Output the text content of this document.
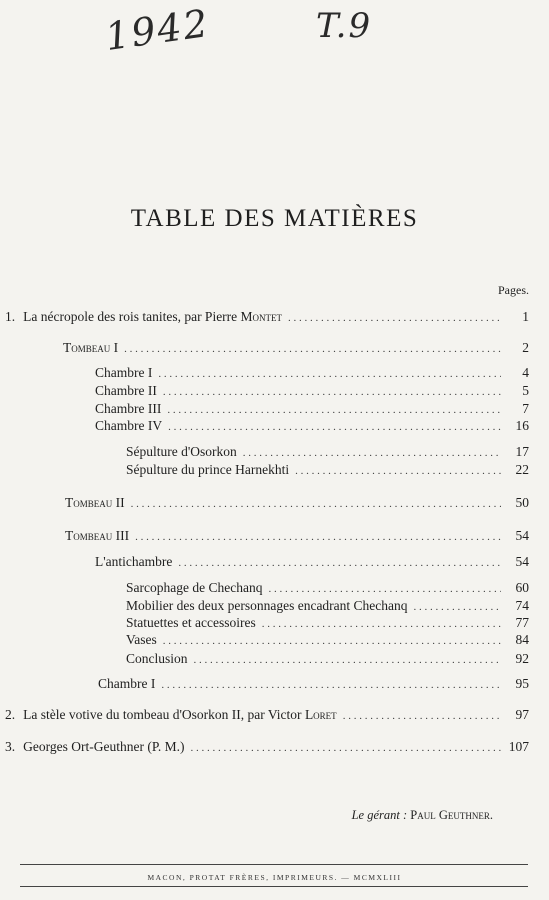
1942	T.9
TABLE DES MATIÈRES
Pages.
1. La nécropole des rois tanites, par Pierre Montet . . .	1
Tombeau I . . .	2
Chambre I . . .	4
Chambre II . . .	5
Chambre III . . .	7
Chambre IV . . .	16
Sépulture d'Osorkon . . .	17
Sépulture du prince Harnekhti . . .	22
Tombeau II . . .	50
Tombeau III . . .	54
L'antichambre . . .	54
Sarcophage de Chechanq . . .	60
Mobilier des deux personnages encadrant Chechanq . . .	74
Statuettes et accessoires . . .	77
Vases . . .	84
Conclusion . . .	92
Chambre I . . .	95
2. La stèle votive du tombeau d'Osorkon II, par Victor Loret . . .	97
3. Georges Ort-Geuthner (P. M.) . . .	107
Le gérant : Paul Geuthner.
MACON, PROTAT FRÈRES, IMPRIMEURS. — MCMXLIII
